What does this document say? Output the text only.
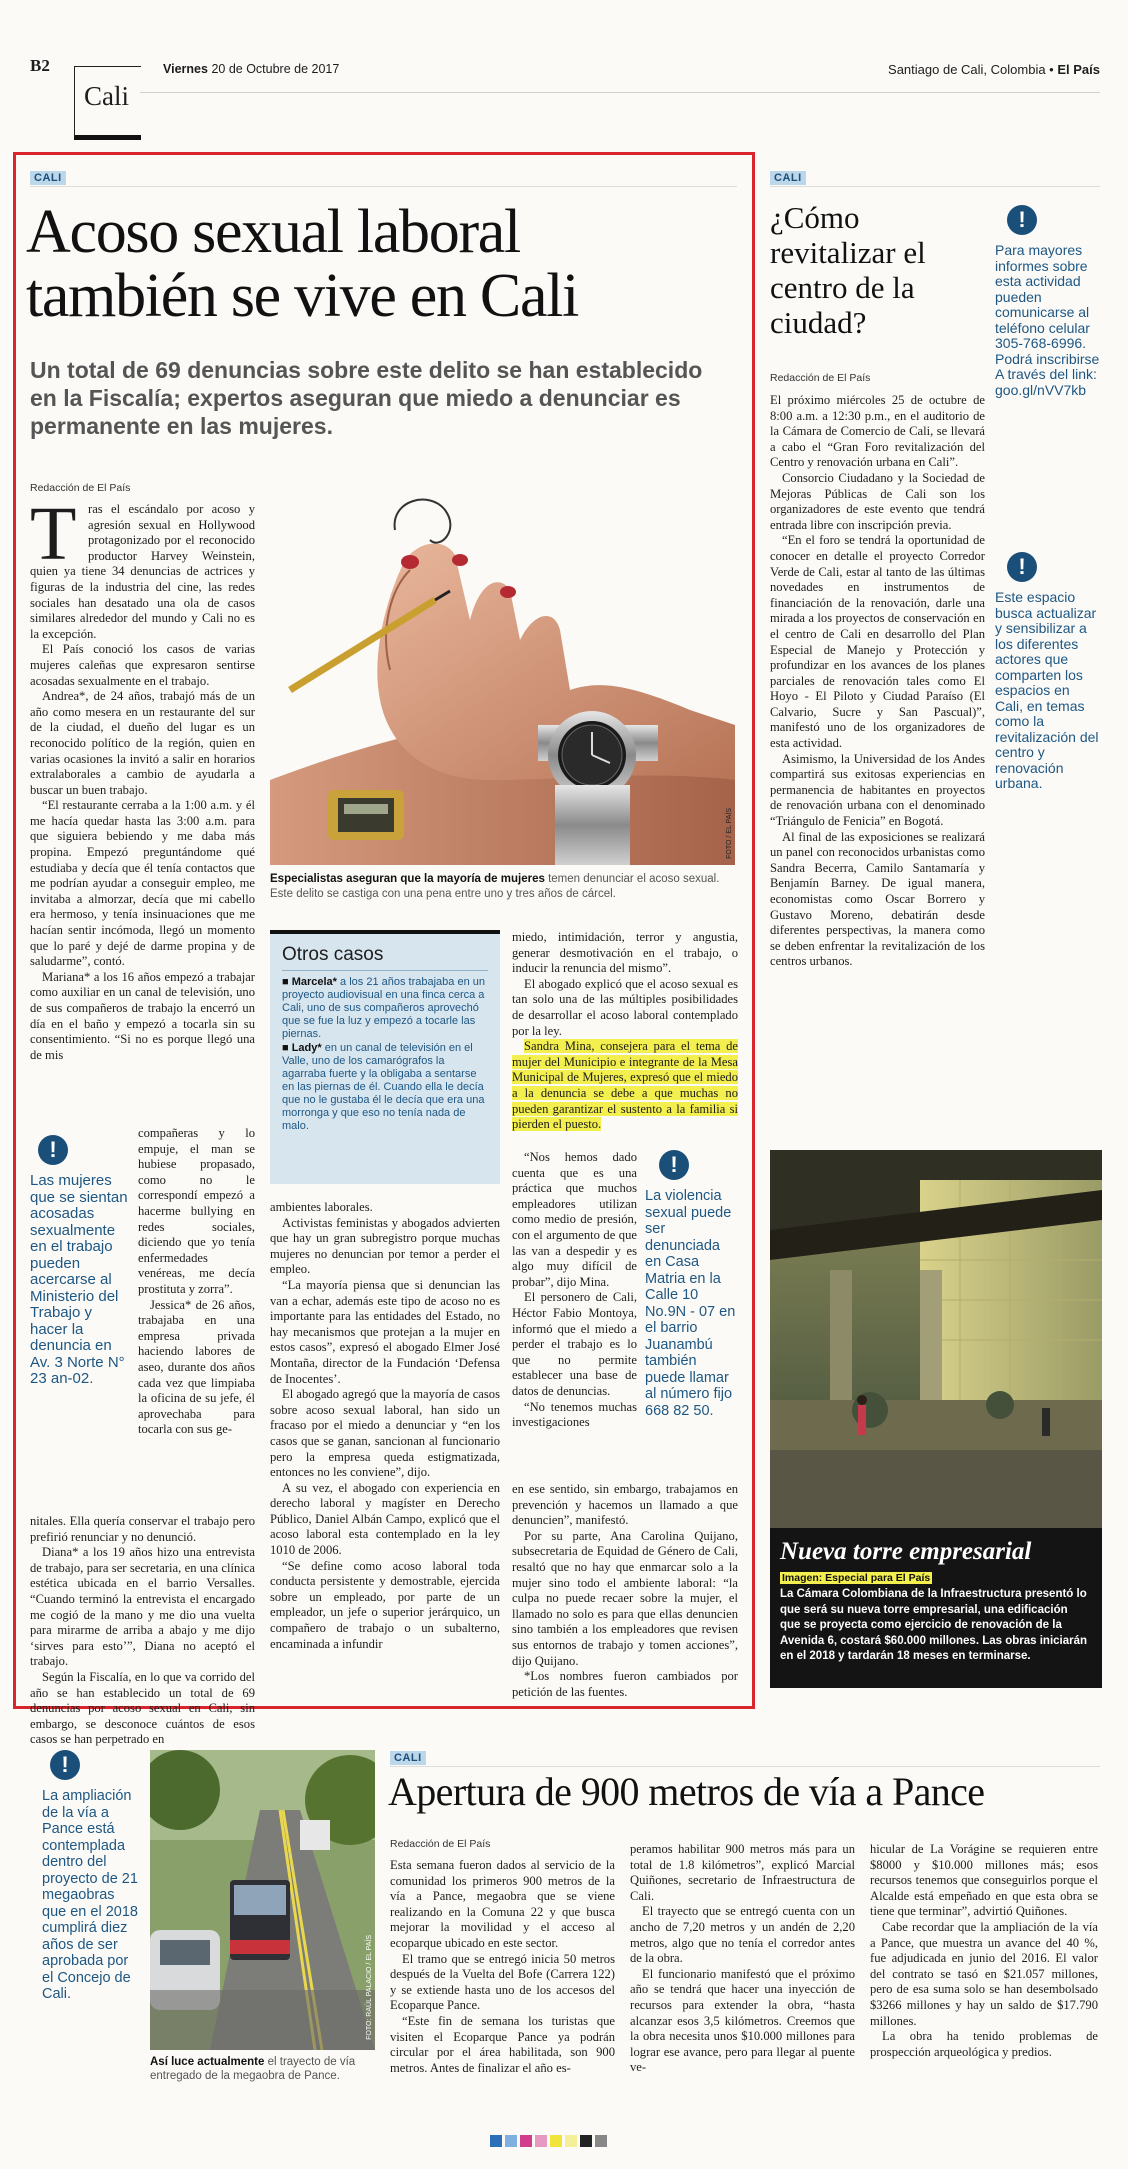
B2
Cali
Viernes 20 de Octubre de 2017	Santiago de Cali, Colombia • El País
CALI
Acoso sexual laboral
también se vive en Cali
Un total de 69 denuncias sobre este delito se han establecido en la Fiscalía; expertos aseguran que miedo a denunciar es permanente en las mujeres.
Redacción de El País
T ras el escándalo por acoso y agresión sexual en Hollywood protagonizado por el reconocido productor Harvey Weinstein, quien ya tiene 34 denuncias de actrices y figuras de la industria del cine, las redes sociales han desatado una ola de casos similares alrededor del mundo y Cali no es la excepción.

El País conoció los casos de varias mujeres caleñas que expresaron sentirse acosadas sexualmente en el trabajo.

Andrea*, de 24 años, trabajó más de un año como mesera en un restaurante del sur de la ciudad, el dueño del lugar es un reconocido político de la región, quien en varias ocasiones la invitó a salir en horarios extralaborales a cambio de ayudarla a buscar un buen trabajo.

“El restaurante cerraba a la 1:00 a.m. y él me hacía quedar hasta las 3:00 a.m. para que siguiera bebiendo y me daba más propina. Empezó preguntándome qué estudiaba y decía que él tenía contactos que me podrían ayudar a conseguir empleo, me invitaba a almorzar, decía que mi cabello era hermoso, y tenía insinuaciones que me hacían sentir incómoda, llegó un momento que lo paré y dejé de darme propina y de saludarme”, contó.

Mariana* a los 16 años empezó a trabajar como auxiliar en un canal de televisión, uno de sus compañeros de trabajo la encerró un día en el baño y empezó a tocarla sin su consentimiento. “Si no es porque llegó una de mis

!
Las mujeres que se sientan acosadas sexualmente en el trabajo pueden acercarse al Ministerio del Trabajo y hacer la denuncia en Av. 3 Norte N° 23 an-02.

compañeras y lo empuje, el man se hubiese propasado, como no le correspondí empezó a hacerme bullying en redes sociales, diciendo que yo tenía enfermedades venéreas, me decía prostituta y zorra”.

Jessica* de 26 años, trabajaba en una empresa privada haciendo labores de aseo, durante dos años cada vez que limpiaba la oficina de su jefe, él aprovechaba para tocarla con sus ge-

nitales. Ella quería conservar el trabajo pero prefirió renunciar y no denunció.

Diana* a los 19 años hizo una entrevista de trabajo, para ser secretaria, en una clínica estética ubicada en el barrio Versalles. “Cuando terminó la entrevista el encargado me cogió de la mano y me dio una vuelta para mirarme de arriba a abajo y me dijo ‘sirves para esto’”, Diana no aceptó el trabajo.

Según la Fiscalía, en lo que va corrido del año se han establecido un total de 69 denuncias por acoso sexual en Cali, sin embargo, se desconoce cuántos de esos casos se han perpetrado en

FOTO / EL PAÍS
Especialistas aseguran que la mayoría de mujeres temen denunciar el acoso sexual. Este delito se castiga con una pena entre uno y tres años de cárcel.
Otros casos
■ Marcela* a los 21 años trabajaba en un proyecto audiovisual en una finca cerca a Cali, uno de sus compañeros aprovechó que se fue la luz y empezó a tocarle las piernas.
■ Lady* en un canal de televisión en el Valle, uno de los camarógrafos la agarraba fuerte y la obligaba a sentarse en las piernas de él. Cuando ella le decía que no le gustaba él le decía que era una morronga y que eso no tenía nada de malo.

ambientes laborales.

Activistas feministas y abogados advierten que hay un gran subregistro porque muchas mujeres no denuncian por temor a perder el empleo.

“La mayoría piensa que si denuncian las van a echar, además este tipo de acoso no es importante para las entidades del Estado, no hay mecanismos que protejan a la mujer en estos casos”, expresó el abogado Elmer José Montaña, director de la Fundación ‘Defensa de Inocentes’.

El abogado agregó que la mayoría de casos sobre acoso sexual laboral, han sido un fracaso por el miedo a denunciar y “en los casos que se ganan, sancionan al funcionario pero la empresa queda estigmatizada, entonces no les conviene”, dijo.

A su vez, el abogado con experiencia en derecho laboral y magíster en Derecho Público, Daniel Albán Campo, explicó que el acoso laboral esta contemplado en la ley 1010 de 2006.

“Se define como acoso laboral toda conducta persistente y demostrable, ejercida sobre un empleado, por parte de un empleador, un jefe o superior jerárquico, un compañero de trabajo o un subalterno, encaminada a infundir

miedo, intimidación, terror y angustia, generar desmotivación en el trabajo, o inducir la renuncia del mismo”.

El abogado explicó que el acoso sexual es tan solo una de las múltiples posibilidades de desarrollar el acoso laboral contemplado por la ley.

Sandra Mina, consejera para el tema de mujer del Municipio e integrante de la Mesa Municipal de Mujeres, expresó que el miedo a la denuncia se debe a que muchas no pueden garantizar el sustento a la familia si pierden el puesto.

“Nos hemos dado cuenta que es una práctica que muchos empleadores utilizan como medio de presión, con el argumento de que las van a despedir y es algo muy difícil de probar”, dijo Mina.

El personero de Cali, Héctor Fabio Montoya, informó que el miedo a perder el trabajo es lo que no permite establecer una base de datos de denuncias.

“No tenemos muchas investigaciones

!
La violencia sexual puede ser denunciada en Casa Matria en la Calle 10 No.9N - 07 en el barrio Juanambú también puede llamar al número fijo 668 82 50.

en ese sentido, sin embargo, trabajamos en prevención y hacemos un llamado a que denuncien”, manifestó.

Por su parte, Ana Carolina Quijano, subsecretaria de Equidad de Género de Cali, resaltó que no hay que enmarcar solo a la mujer sino todo el ambiente laboral: “la culpa no puede recaer sobre la mujer, el llamado no solo es para que ellas denuncien sino también a los empleadores que revisen sus entornos de trabajo y tomen acciones”, dijo Quijano.

*Los nombres fueron cambiados por petición de las fuentes.

CALI
¿Cómo revitalizar el centro de la ciudad?
Redacción de El País

El próximo miércoles 25 de octubre de 8:00 a.m. a 12:30 p.m., en el auditorio de la Cámara de Comercio de Cali, se llevará a cabo el “Gran Foro revitalización del Centro y renovación urbana en Cali”.

Consorcio Ciudadano y la Sociedad de Mejoras Públicas de Cali son los organizadores de este evento que tendrá entrada libre con inscripción previa.

“En el foro se tendrá la oportunidad de conocer en detalle el proyecto Corredor Verde de Cali, estar al tanto de las últimas novedades en instrumentos de financiación de la renovación, darle una mirada a los proyectos de conservación en el centro de Cali en desarrollo del Plan Especial de Manejo y Protección y profundizar en los avances de los planes parciales de renovación tales como El Hoyo - El Piloto y Ciudad Paraíso (El Calvario, Sucre y San Pascual)”, manifestó uno de los organizadores de esta actividad.

Asimismo, la Universidad de los Andes compartirá sus exitosas experiencias en permanencia de habitantes en proyectos de renovación urbana con el denominado “Triángulo de Fenicia” en Bogotá.

Al final de las exposiciones se realizará un panel con reconocidos urbanistas como Sandra Becerra, Camilo Santamaría y Benjamín Barney. De igual manera, economistas como Oscar Borrero y Gustavo Moreno, debatirán desde diferentes perspectivas, la manera como se deben enfrentar la revitalización de los centros urbanos.

!
Para mayores informes sobre esta actividad pueden comunicarse al teléfono celular 305-768-6996. Podrá inscribirse A través del link: goo.gl/nVV7kb
!
Este espacio busca actualizar y sensibilizar a los diferentes actores que comparten los espacios en Cali, en temas como la revitalización del centro y renovación urbana.
Nueva torre empresarial
Imagen: Especial para El País
La Cámara Colombiana de la Infraestructura presentó lo que será su nueva torre empresarial, una edificación que se proyecta como ejercicio de renovación de la Avenida 6, costará $60.000 millones. Las obras iniciarán en el 2018 y tardarán 18 meses en terminarse.
!
La ampliación de la vía a Pance está contemplada dentro del proyecto de 21 megaobras que en el 2018 cumplirá diez años de ser aprobada por el Concejo de Cali.	FOTO: RAÚL PALACIO / EL PAÍS
Así luce actualmente el trayecto de vía entregado de la megaobra de Pance.
CALI
Apertura de 900 metros de vía a Pance
Redacción de El País

Esta semana fueron dados al servicio de la comunidad los primeros 900 metros de la vía a Pance, megaobra que se viene realizando en la Comuna 22 y que busca mejorar la movilidad y el acceso al ecoparque ubicado en este sector.

El tramo que se entregó inicia 50 metros después de la Vuelta del Bofe (Carrera 122) y se extiende hasta uno de los accesos del Ecoparque Pance.

“Este fin de semana los turistas que visiten el Ecoparque Pance ya podrán circular por el área habilitada, son 900 metros. Antes de finalizar el año es-

peramos habilitar 900 metros más para un total de 1.8 kilómetros”, explicó Marcial Quiñones, secretario de Infraestructura de Cali.

El trayecto que se entregó cuenta con un ancho de 7,20 metros y un andén de 2,20 metros, algo que no tenía el corredor antes de la obra.

El funcionario manifestó que el próximo año se tendrá que hacer una inyección de recursos para extender la obra, “hasta alcanzar esos 3,5 kilómetros. Creemos que la obra necesita unos $10.000 millones para lograr ese avance, pero para llegar al puente ve-

hicular de La Vorágine se requieren entre $8000 y $10.000 millones más; esos recursos tenemos que conseguirlos porque el Alcalde está empeñado en que esta obra se tiene que terminar”, advirtió Quiñones.

Cabe recordar que la ampliación de la vía a Pance, que muestra un avance del 40 %, fue adjudicada en junio del 2016. El valor del contrato se tasó en $21.057 millones, pero de esa suma solo se han desembolsado $3266 millones y hay un saldo de $17.790 millones.

La obra ha tenido problemas de prospección arqueológica y predios.
